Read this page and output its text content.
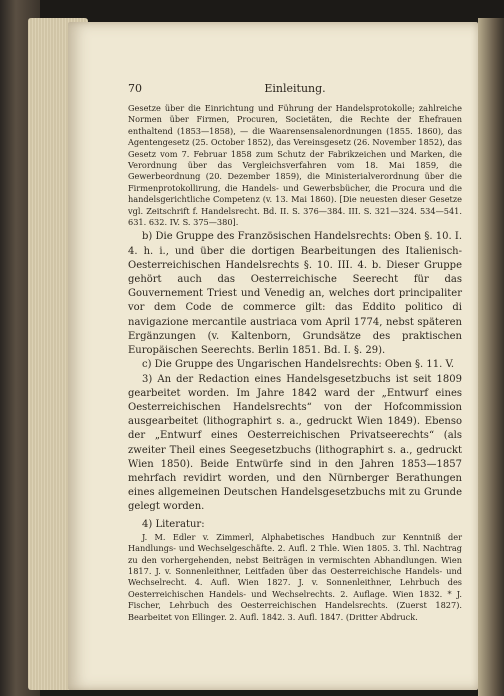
70	Einleitung.

Gesetze über die Einrichtung und Führung der Handelsprotokolle; zahlreiche Normen über Firmen, Procuren, Societäten, die Rechte der Ehefrauen enthaltend (1853—1858), — die Waarensensalenordnungen (1855. 1860), das Agentengesetz (25. October 1852), das Vereinsgesetz (26. November 1852), das Gesetz vom 7. Februar 1858 zum Schutz der Fabrikzeichen und Marken, die Verordnung über das Vergleichsverfahren vom 18. Mai 1859, die Gewerbeordnung (20. Dezember 1859), die Ministerialverordnung über die Firmenprotokollirung, die Handels- und Gewerbsbücher, die Procura und die handelsgerichtliche Competenz (v. 13. Mai 1860). [Die neuesten dieser Gesetze vgl. Zeitschrift f. Handelsrecht. Bd. II. S. 376—384. III. S. 321—324. 534—541. 631. 632. IV. S. 375—380].

b) Die Gruppe des Französischen Handelsrechts: Oben §. 10. I. 4. h. i., und über die dortigen Bearbeitungen des Italienisch-Oesterreichischen Handelsrechts §. 10. III. 4. b. Dieser Gruppe gehört auch das Oesterreichische Seerecht für das Gouvernement Triest und Venedig an, welches dort principaliter vor dem Code de commerce gilt: das Eddito politico di navigazione mercantile austriaca vom April 1774, nebst späteren Ergänzungen (v. Kaltenborn, Grundsätze des praktischen Europäischen Seerechts. Berlin 1851. Bd. I. §. 29).

c) Die Gruppe des Ungarischen Handelsrechts: Oben §. 11. V.

3) An der Redaction eines Handelsgesetzbuchs ist seit 1809 gearbeitet worden. Im Jahre 1842 ward der „Entwurf eines Oesterreichischen Handelsrechts“ von der Hofcommission ausgearbeitet (lithographirt s. a., gedruckt Wien 1849). Ebenso der „Entwurf eines Oesterreichischen Privatseerechts“ (als zweiter Theil eines Seegesetzbuchs (lithographirt s. a., gedruckt Wien 1850). Beide Entwürfe sind in den Jahren 1853—1857 mehrfach revidirt worden, und den Nürnberger Berathungen eines allgemeinen Deutschen Handelsgesetzbuchs mit zu Grunde gelegt worden.

4) Literatur:

J. M. Edler v. Zimmerl, Alphabetisches Handbuch zur Kenntniß der Handlungs- und Wechselgeschäfte. 2. Aufl. 2 Thle. Wien 1805. 3. Thl. Nachtrag zu den vorhergehenden, nebst Beiträgen in vermischten Abhandlungen. Wien 1817. J. v. Sonnenleithner, Leitfaden über das Oesterreichische Handels- und Wechselrecht. 4. Aufl. Wien 1827. J. v. Sonnenleithner, Lehrbuch des Oesterreichischen Handels- und Wechselrechts. 2. Auflage. Wien 1832. * J. Fischer, Lehrbuch des Oesterreichischen Handelsrechts. (Zuerst 1827). Bearbeitet von Ellinger. 2. Aufl. 1842. 3. Aufl. 1847. (Dritter Abdruck.
